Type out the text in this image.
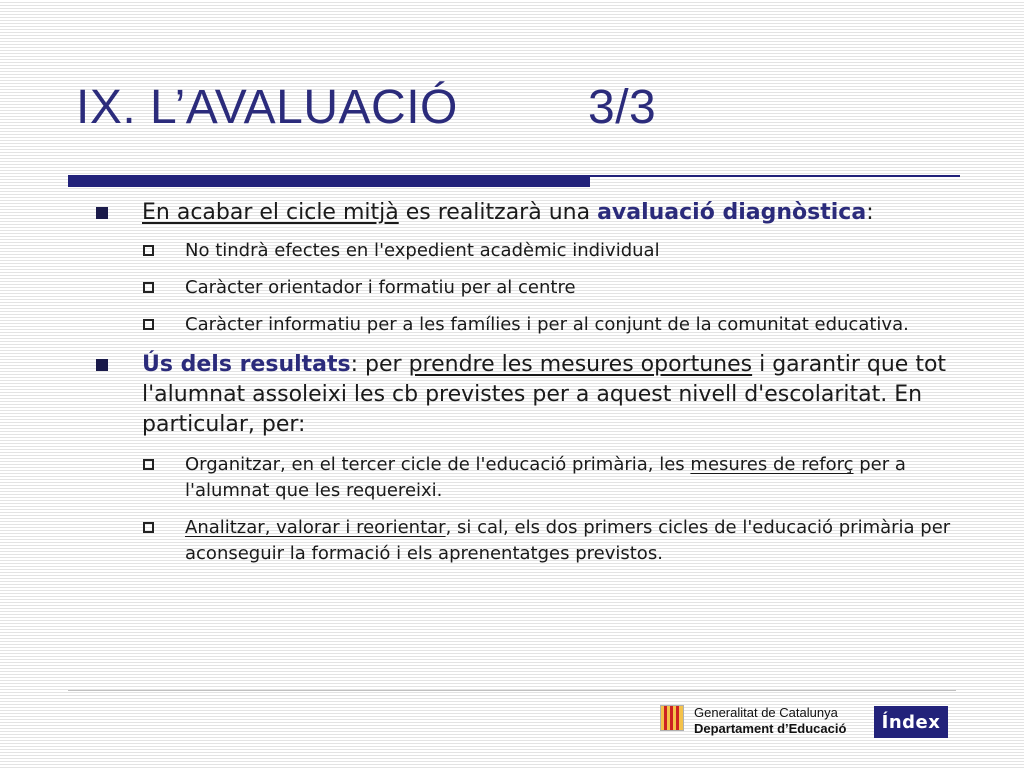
IX. L’AVALUACIÓ	3/3
En acabar el cicle mitjà es realitzarà una avaluació diagnòstica:
No tindrà efectes en l'expedient acadèmic individual
Caràcter orientador i formatiu per al centre
Caràcter informatiu per a les famílies i per al conjunt de la comunitat educativa.
Ús dels resultats: per prendre les mesures oportunes i garantir que tot l'alumnat assoleixi les cb previstes per a aquest nivell d'escolaritat. En particular, per:
Organitzar, en el tercer cicle de l'educació primària, les mesures de reforç per a l'alumnat que les requereixi.
Analitzar, valorar i reorientar, si cal, els dos primers cicles de l'educació primària per aconseguir la formació i els aprenentatges previstos.
Generalitat de Catalunya
Departament d’Educació	Índex
